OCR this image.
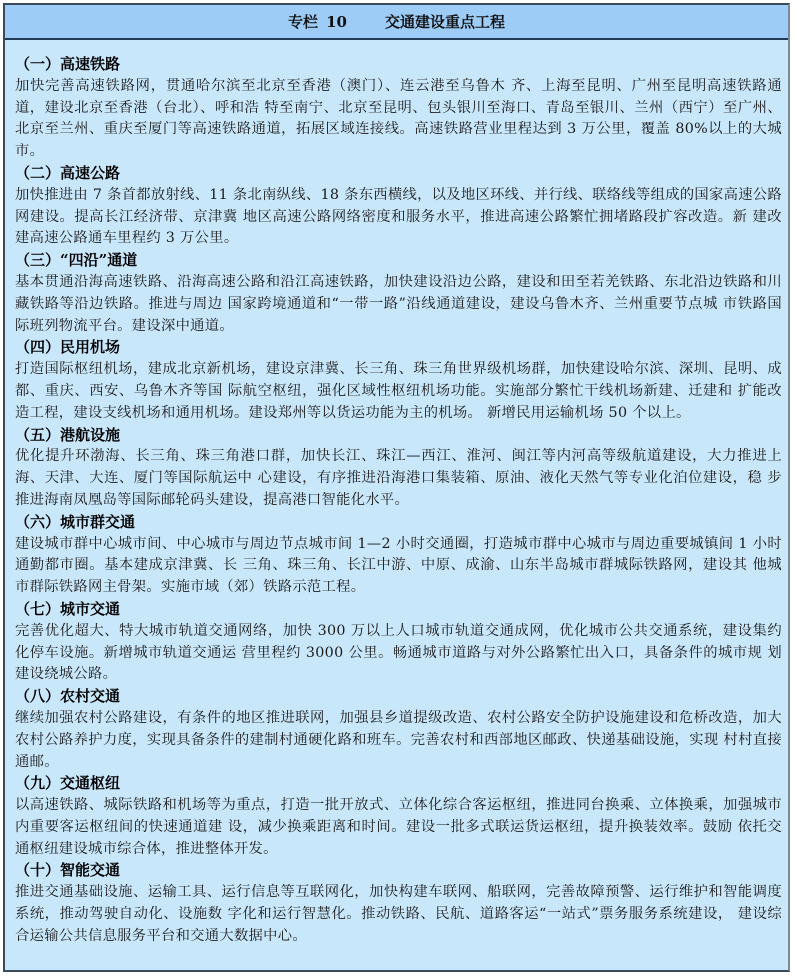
专栏 10	交通建设重点工程
（一）高速铁路
加快完善高速铁路网，贯通哈尔滨至北京至香港（澳门）、连云港至乌鲁木 齐、上海至昆明、广州至昆明高速铁路通道，建设北京至香港（台北）、呼和浩 特至南宁、北京至昆明、包头银川至海口、青岛至银川、兰州（西宁）至广州、 北京至兰州、重庆至厦门等高速铁路通道，拓展区域连接线。高速铁路营业里程达到 3 万公里，覆盖 80%以上的大城市。
（二）高速公路
加快推进由 7 条首都放射线、11 条北南纵线、18 条东西横线，以及地区环线、并行线、联络线等组成的国家高速公路网建设。提高长江经济带、京津冀 地区高速公路网络密度和服务水平，推进高速公路繁忙拥堵路段扩容改造。新 建改建高速公路通车里程约 3 万公里。
（三）“四沿”通道
基本贯通沿海高速铁路、沿海高速公路和沿江高速铁路，加快建设沿边公路，建设和田至若羌铁路、东北沿边铁路和川藏铁路等沿边铁路。推进与周边 国家跨境通道和“一带一路”沿线通道建设，建设乌鲁木齐、兰州重要节点城 市铁路国际班列物流平台。建设深中通道。
（四）民用机场
打造国际枢纽机场，建成北京新机场，建设京津冀、长三角、珠三角世界级机场群，加快建设哈尔滨、深圳、昆明、成都、重庆、西安、乌鲁木齐等国 际航空枢纽，强化区域性枢纽机场功能。实施部分繁忙干线机场新建、迁建和 扩能改造工程，建设支线机场和通用机场。建设郑州等以货运功能为主的机场。 新增民用运输机场 50 个以上。
（五）港航设施
优化提升环渤海、长三角、珠三角港口群，加快长江、珠江—西江、淮河、闽江等内河高等级航道建设，大力推进上海、天津、大连、厦门等国际航运中 心建设，有序推进沿海港口集装箱、原油、液化天然气等专业化泊位建设，稳 步推进海南凤凰岛等国际邮轮码头建设，提高港口智能化水平。
（六）城市群交通
建设城市群中心城市间、中心城市与周边节点城市间 1—2 小时交通圈，打造城市群中心城市与周边重要城镇间 1 小时通勤都市圈。基本建成京津冀、长 三角、珠三角、长江中游、中原、成渝、山东半岛城市群城际铁路网，建设其 他城市群际铁路网主骨架。实施市域（郊）铁路示范工程。
（七）城市交通
完善优化超大、特大城市轨道交通网络，加快 300 万以上人口城市轨道交通成网，优化城市公共交通系统，建设集约化停车设施。新增城市轨道交通运 营里程约 3000 公里。畅通城市道路与对外公路繁忙出入口，具备条件的城市规 划建设绕城公路。
（八）农村交通
继续加强农村公路建设，有条件的地区推进联网，加强县乡道提级改造、农村公路安全防护设施建设和危桥改造，加大农村公路养护力度，实现具备条件的建制村通硬化路和班车。完善农村和西部地区邮政、快递基础设施，实现 村村直接通邮。
（九）交通枢纽
以高速铁路、城际铁路和机场等为重点，打造一批开放式、立体化综合客运枢纽，推进同台换乘、立体换乘，加强城市内重要客运枢纽间的快速通道建 设，减少换乘距离和时间。建设一批多式联运货运枢纽，提升换装效率。鼓励 依托交通枢纽建设城市综合体，推进整体开发。
（十）智能交通
推进交通基础设施、运输工具、运行信息等互联网化，加快构建车联网、船联网，完善故障预警、运行维护和智能调度系统，推动驾驶自动化、设施数 字化和运行智慧化。推动铁路、民航、道路客运“一站式”票务服务系统建设， 建设综合运输公共信息服务平台和交通大数据中心。
